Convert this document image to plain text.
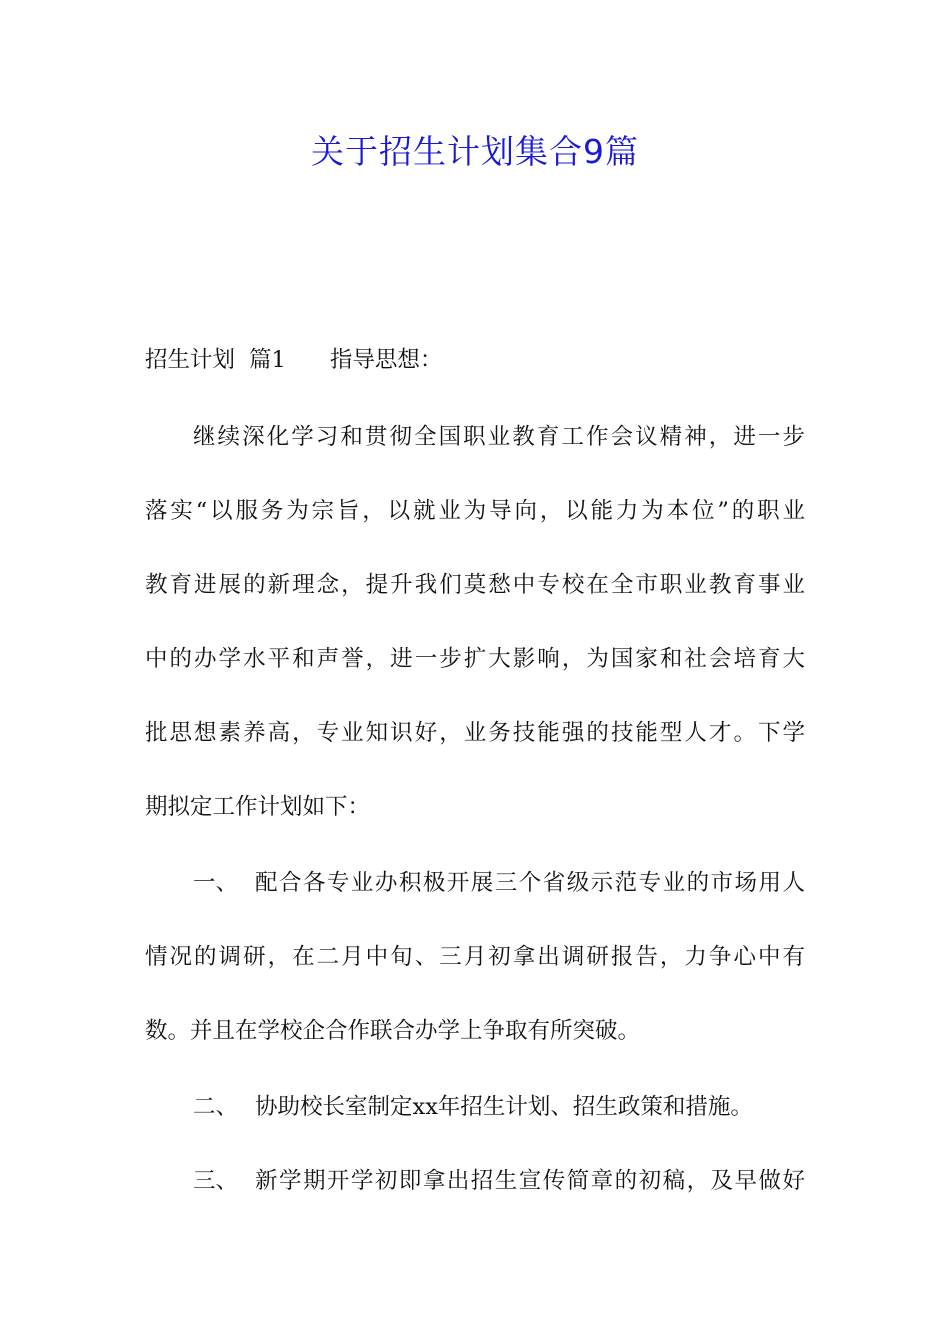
关于招生计划集合9篇
招生计划 篇1 指导思想：
继续深化学习和贯彻全国职业教育工作会议精神，进一步
落实“以服务为宗旨，以就业为导向，以能力为本位”的职业
教育进展的新理念，提升我们莫愁中专校在全市职业教育事业
中的办学水平和声誉，进一步扩大影响，为国家和社会培育大
批思想素养高，专业知识好，业务技能强的技能型人才。下学
期拟定工作计划如下：
一、 配合各专业办积极开展三个省级示范专业的市场用人
情况的调研，在二月中旬、三月初拿出调研报告，力争心中有
数。并且在学校企合作联合办学上争取有所突破。
二、 协助校长室制定xx年招生计划、招生政策和措施。
三、 新学期开学初即拿出招生宣传简章的初稿，及早做好
